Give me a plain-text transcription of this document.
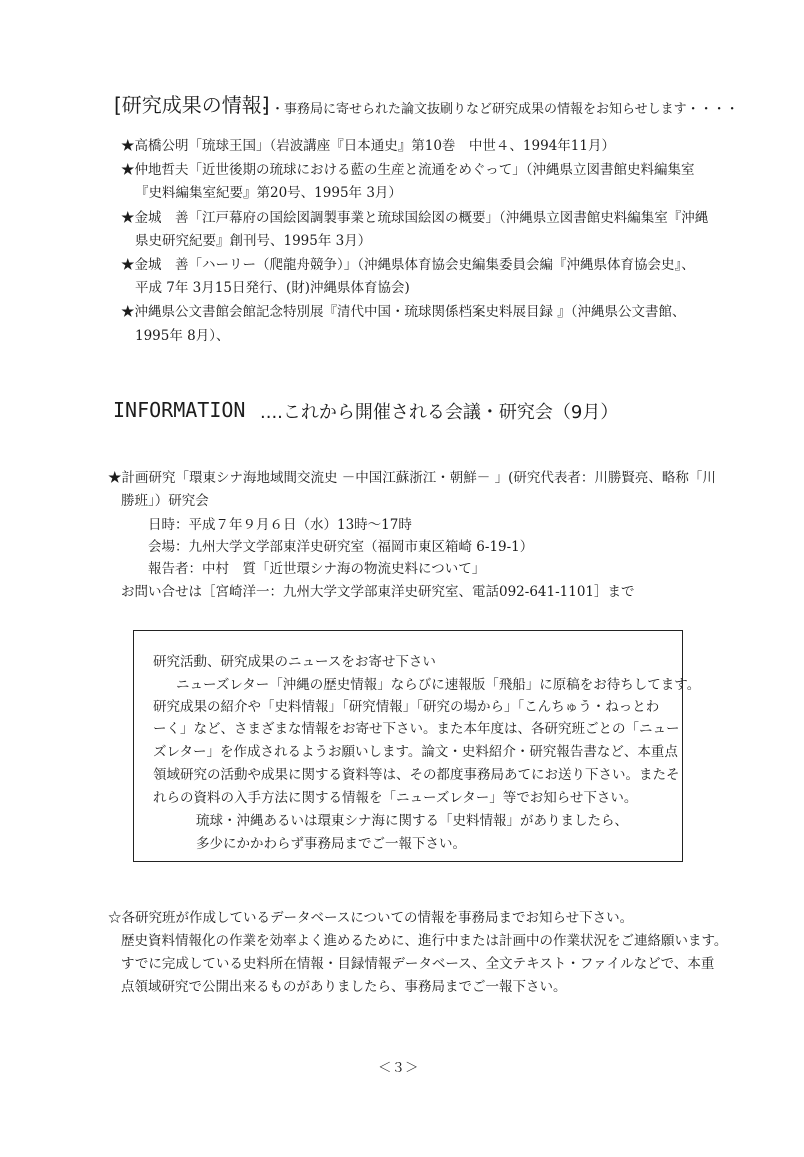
[研究成果の情報]
・・・・事務局に寄せられた論文抜刷りなど研究成果の情報をお知らせします・・・・
★高橋公明「琉球王国」（岩波講座『日本通史』第10巻　中世４、1994年11月）
★仲地哲夫「近世後期の琉球における藍の生産と流通をめぐって」（沖縄県立図書館史料編集室
『史料編集室紀要』第20号、1995年 3月）
★金城　善「江戸幕府の国絵図調製事業と琉球国絵図の概要」（沖縄県立図書館史料編集室『沖縄
県史研究紀要』創刊号、1995年 3月）
★金城　善「ハーリー（爬龍舟競争）」（沖縄県体育協会史編集委員会編『沖縄県体育協会史』、
平成 7年 3月15日発行、(財)沖縄県体育協会)
★沖縄県公文書館会館記念特別展『清代中国・琉球関係档案史料展目録 』（沖縄県公文書館、
1995年 8月）、
INFORMATION ....これから開催される会議・研究会（9月）
★計画研究「環東シナ海地域間交流史 －中国江蘇浙江・朝鮮－ 」(研究代表者：川勝賢亮、略称「川
勝班」）研究会
日時：平成７年９月６日（水）13時～17時
会場：九州大学文学部東洋史研究室（福岡市東区箱崎 6-19-1）
報告者：中村　質「近世環シナ海の物流史料について」
お問い合せは［宮崎洋一：九州大学文学部東洋史研究室、電話092-641-1101］まで
研究活動、研究成果のニュースをお寄せ下さい
ニューズレター「沖縄の歴史情報」ならびに速報版「飛船」に原稿をお待ちしてます。
研究成果の紹介や「史料情報」「研究情報」「研究の場から」「こんちゅう・ねっとわ
ーく」など、さまざまな情報をお寄せ下さい。また本年度は、各研究班ごとの「ニュー
ズレター」を作成されるようお願いします。論文・史料紹介・研究報告書など、本重点
領域研究の活動や成果に関する資料等は、その都度事務局あてにお送り下さい。またそ
れらの資料の入手方法に関する情報を「ニューズレター」等でお知らせ下さい。
琉球・沖縄あるいは環東シナ海に関する「史料情報」がありましたら、
多少にかかわらず事務局までご一報下さい。
☆各研究班が作成しているデータベースについての情報を事務局までお知らせ下さい。
歴史資料情報化の作業を効率よく進めるために、進行中または計画中の作業状況をご連絡願います。
すでに完成している史料所在情報・目録情報データベース、全文テキスト・ファイルなどで、本重
点領域研究で公開出来るものがありましたら、事務局までご一報下さい。
＜３＞
